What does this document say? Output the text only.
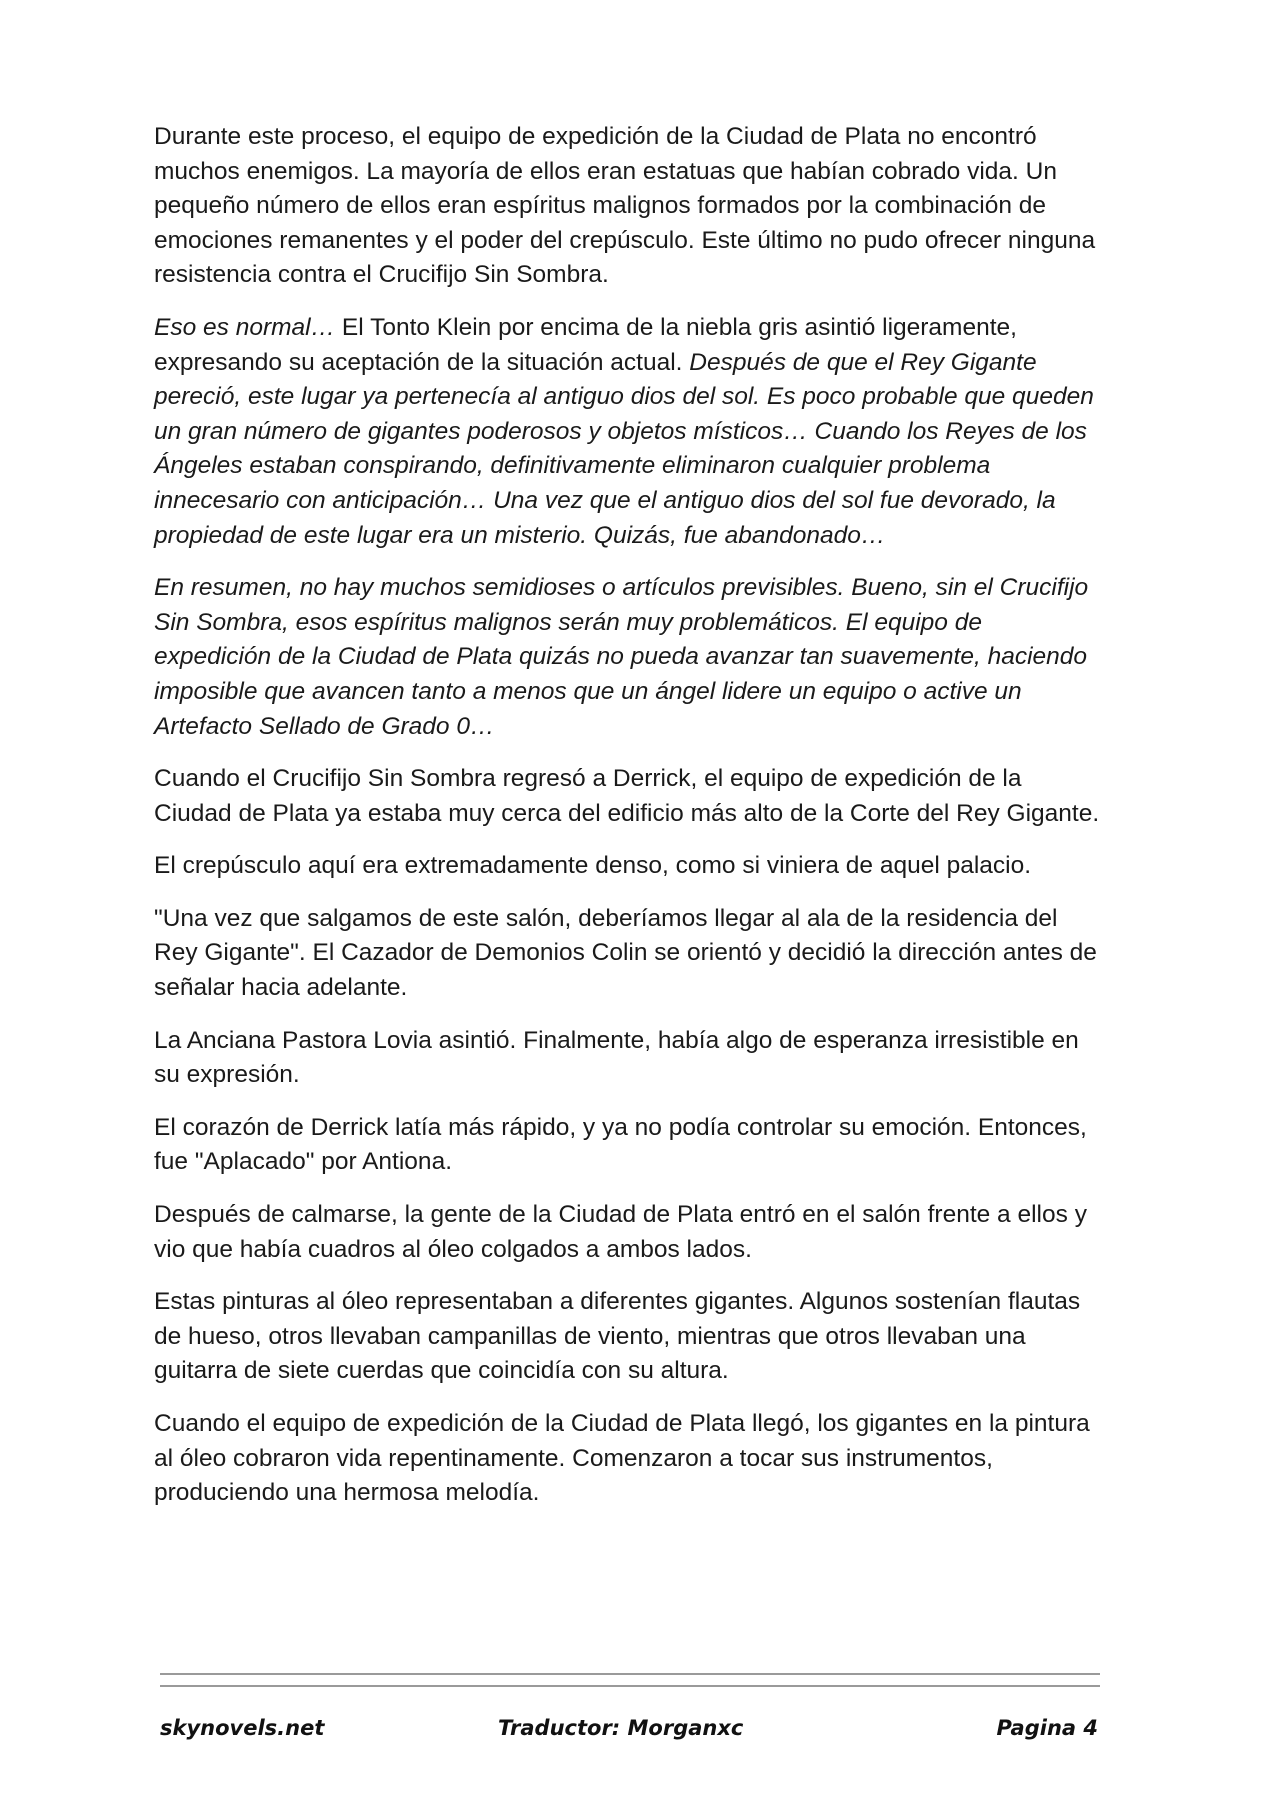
Durante este proceso, el equipo de expedición de la Ciudad de Plata no encontró muchos enemigos. La mayoría de ellos eran estatuas que habían cobrado vida. Un pequeño número de ellos eran espíritus malignos formados por la combinación de emociones remanentes y el poder del crepúsculo. Este último no pudo ofrecer ninguna resistencia contra el Crucifijo Sin Sombra.

Eso es normal… El Tonto Klein por encima de la niebla gris asintió ligeramente, expresando su aceptación de la situación actual. Después de que el Rey Gigante pereció, este lugar ya pertenecía al antiguo dios del sol. Es poco probable que queden un gran número de gigantes poderosos y objetos místicos… Cuando los Reyes de los Ángeles estaban conspirando, definitivamente eliminaron cualquier problema innecesario con anticipación… Una vez que el antiguo dios del sol fue devorado, la propiedad de este lugar era un misterio. Quizás, fue abandonado…

En resumen, no hay muchos semidioses o artículos previsibles. Bueno, sin el Crucifijo Sin Sombra, esos espíritus malignos serán muy problemáticos. El equipo de expedición de la Ciudad de Plata quizás no pueda avanzar tan suavemente, haciendo imposible que avancen tanto a menos que un ángel lidere un equipo o active un Artefacto Sellado de Grado 0…

Cuando el Crucifijo Sin Sombra regresó a Derrick, el equipo de expedición de la Ciudad de Plata ya estaba muy cerca del edificio más alto de la Corte del Rey Gigante.

El crepúsculo aquí era extremadamente denso, como si viniera de aquel palacio.

"Una vez que salgamos de este salón, deberíamos llegar al ala de la residencia del Rey Gigante". El Cazador de Demonios Colin se orientó y decidió la dirección antes de señalar hacia adelante.

La Anciana Pastora Lovia asintió. Finalmente, había algo de esperanza irresistible en su expresión.

El corazón de Derrick latía más rápido, y ya no podía controlar su emoción. Entonces, fue "Aplacado" por Antiona.

Después de calmarse, la gente de la Ciudad de Plata entró en el salón frente a ellos y vio que había cuadros al óleo colgados a ambos lados.

Estas pinturas al óleo representaban a diferentes gigantes. Algunos sostenían flautas de hueso, otros llevaban campanillas de viento, mientras que otros llevaban una guitarra de siete cuerdas que coincidía con su altura.

Cuando el equipo de expedición de la Ciudad de Plata llegó, los gigantes en la pintura al óleo cobraron vida repentinamente. Comenzaron a tocar sus instrumentos, produciendo una hermosa melodía.

skynovels.net	Traductor: Morganxc	Pagina 4
